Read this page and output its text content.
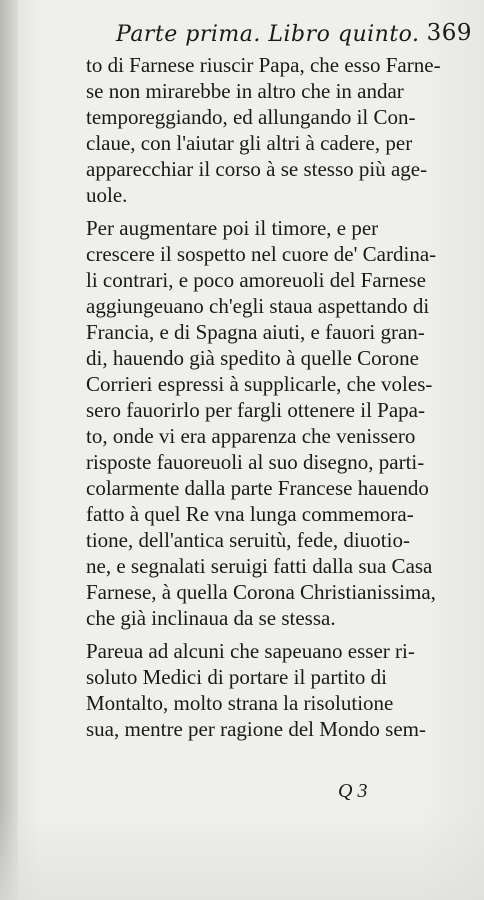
Parte prima. Libro quinto. 369
to di Farnese riuscir Papa, che esso Farne-
se non mirarebbe in altro che in andar
temporeggiando, ed allungando il Con-
claue, con l'aiutar gli altri à cadere, per
apparecchiar il corso à se stesso più age-
uole.
Per augmentare poi il timore, e per
crescere il sospetto nel cuore de' Cardina-
li contrari, e poco amoreuoli del Farnese
aggiungeuano ch'egli staua aspettando di
Francia, e di Spagna aiuti, e fauori gran-
di, hauendo già spedito à quelle Corone
Corrieri espressi à supplicarle, che voles-
sero fauorirlo per fargli ottenere il Papa-
to, onde vi era apparenza che venissero
risposte fauoreuoli al suo disegno, parti-
colarmente dalla parte Francese hauendo
fatto à quel Re vna lunga commemora-
tione, dell'antica seruitù, fede, diuotio-
ne, e segnalati seruigi fatti dalla sua Casa
Farnese, à quella Corona Christianissima,
che già inclinaua da se stessa.
Pareua ad alcuni che sapeuano esser ri-
soluto Medici di portare il partito di
Montalto, molto strana la risolutione
sua, mentre per ragione del Mondo sem-
Q 3
